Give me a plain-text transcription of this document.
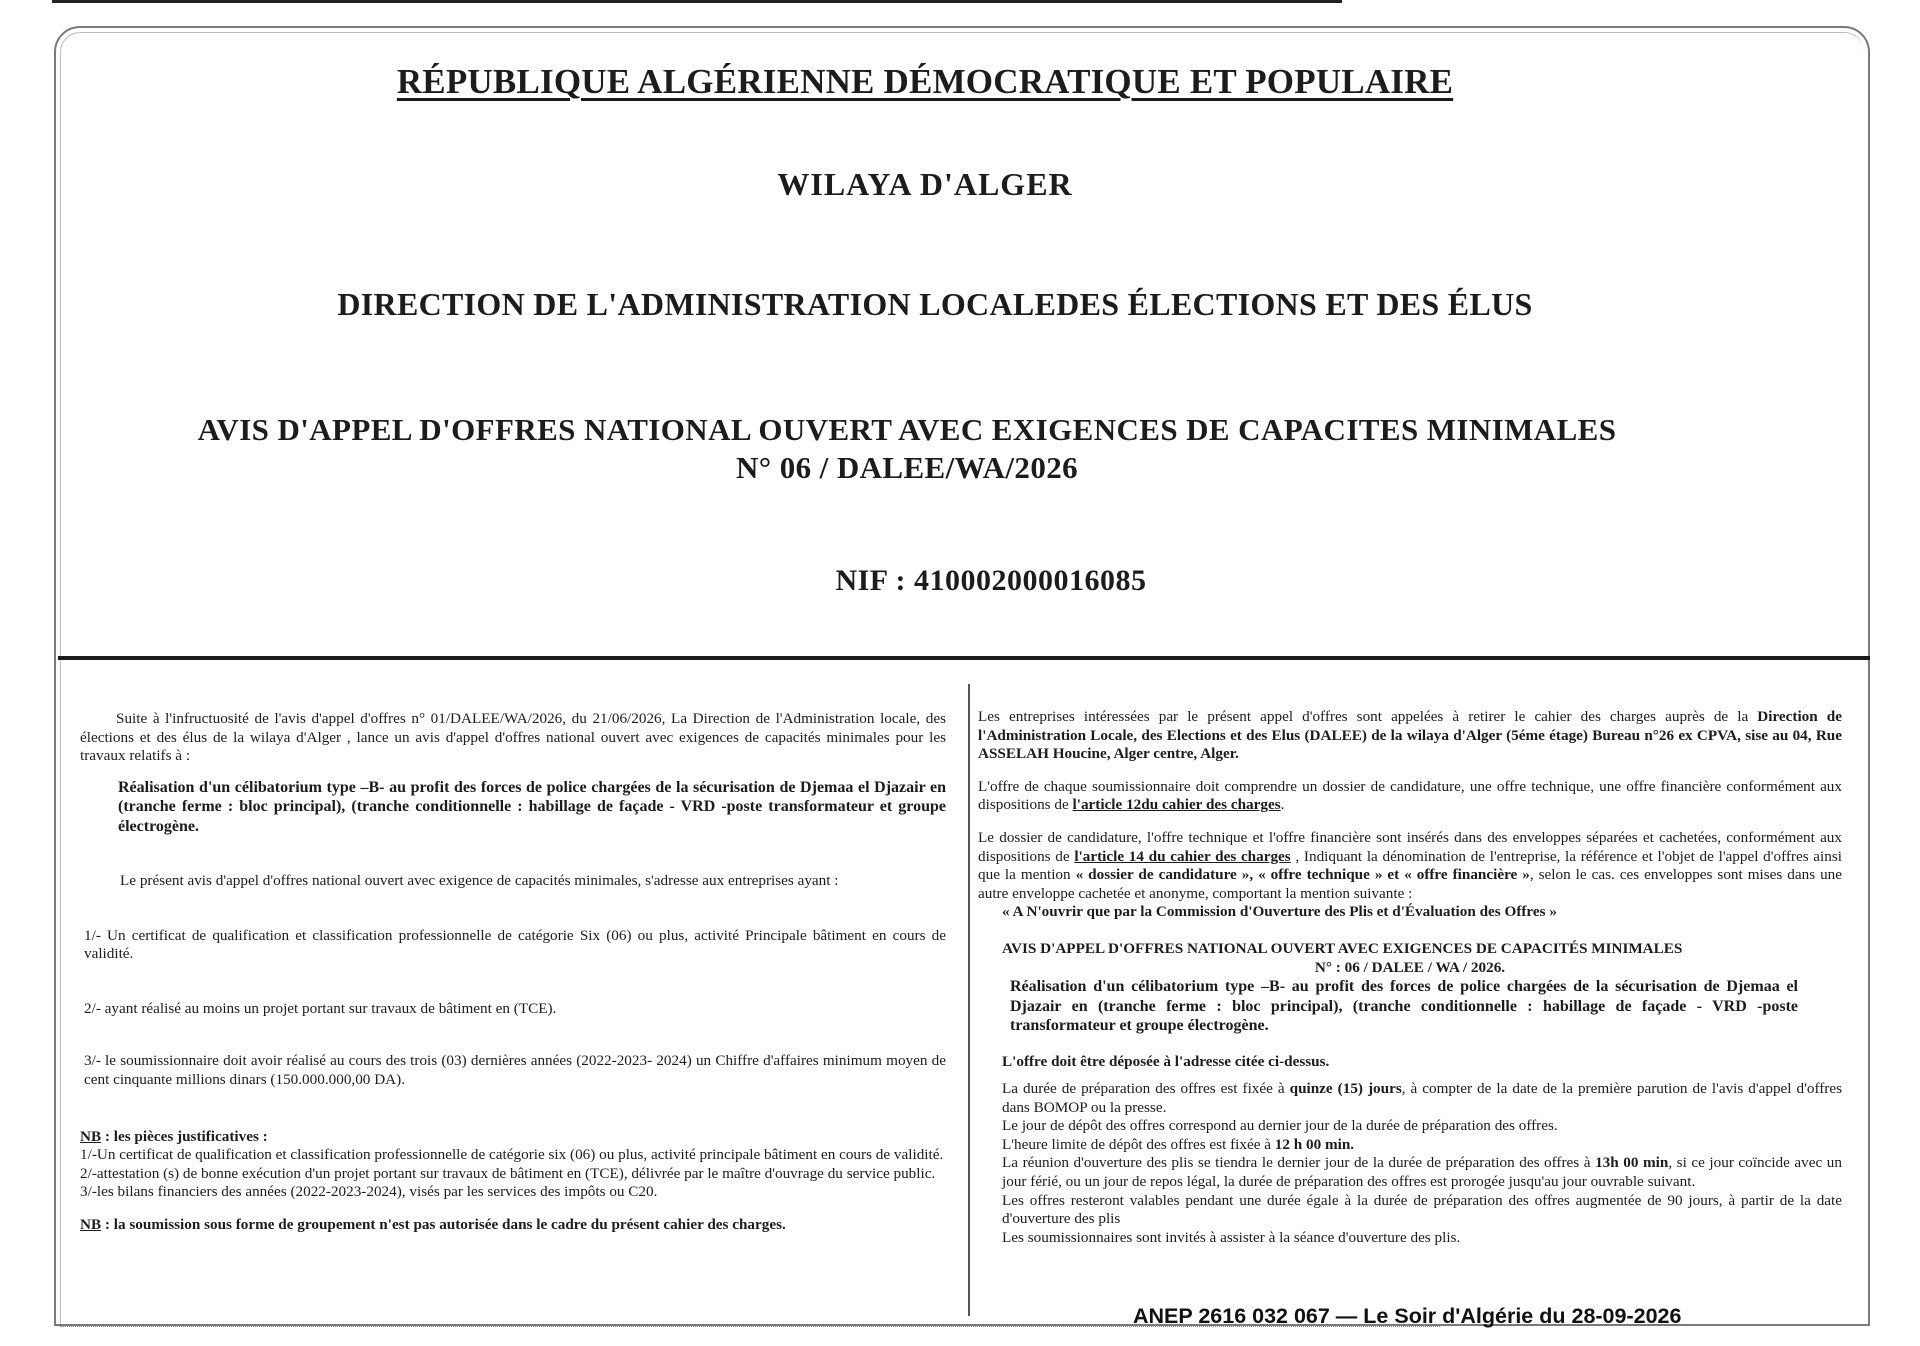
RÉPUBLIQUE ALGÉRIENNE DÉMOCRATIQUE ET POPULAIRE
WILAYA D'ALGER
DIRECTION DE L'ADMINISTRATION LOCALEDES ÉLECTIONS ET DES ÉLUS
AVIS D'APPEL D'OFFRES NATIONAL OUVERT AVEC EXIGENCES DE CAPACITES MINIMALES
N° 06 / DALEE/WA/2026
NIF : 410002000016085

Suite à l'infructuosité de l'avis d'appel d'offres n° 01/DALEE/WA/2026, du 21/06/2026, La Direction de l'Administration locale, des élections et des élus de la wilaya d'Alger , lance un avis d'appel d'offres national ouvert avec exigences de capacités minimales pour les travaux relatifs à :

Réalisation d'un célibatorium type –B- au profit des forces de police chargées de la sécurisation de Djemaa el Djazair en (tranche ferme : bloc principal), (tranche conditionnelle : habillage de façade - VRD -poste transformateur et groupe électrogène.

Le présent avis d'appel d'offres national ouvert avec exigence de capacités minimales, s'adresse aux entreprises ayant :

1/- Un certificat de qualification et classification professionnelle de catégorie Six (06) ou plus, activité Principale bâtiment en cours de validité.

2/- ayant réalisé au moins un projet portant sur travaux de bâtiment en (TCE).

3/- le soumissionnaire doit avoir réalisé au cours des trois (03) dernières années (2022-2023- 2024) un Chiffre d'affaires minimum moyen de cent cinquante millions dinars (150.000.000,00 DA).

NB : les pièces justificatives :

1/-Un certificat de qualification et classification professionnelle de catégorie six (06) ou plus, activité principale bâtiment en cours de validité.

2/-attestation (s) de bonne exécution d'un projet portant sur travaux de bâtiment en (TCE), délivrée par le maître d'ouvrage du service public.

3/-les bilans financiers des années (2022-2023-2024), visés par les services des impôts ou C20.

NB : la soumission sous forme de groupement n'est pas autorisée dans le cadre du présent cahier des charges.

Les entreprises intéressées par le présent appel d'offres sont appelées à retirer le cahier des charges auprès de la Direction de l'Administration Locale, des Elections et des Elus (DALEE) de la wilaya d'Alger (5éme étage) Bureau n°26 ex CPVA, sise au 04, Rue ASSELAH Houcine, Alger centre, Alger.

L'offre de chaque soumissionnaire doit comprendre un dossier de candidature, une offre technique, une offre financière conformément aux dispositions de l'article 12du cahier des charges.

Le dossier de candidature, l'offre technique et l'offre financière sont insérés dans des enveloppes séparées et cachetées, conformément aux dispositions de l'article 14 du cahier des charges , Indiquant la dénomination de l'entreprise, la référence et l'objet de l'appel d'offres ainsi que la mention « dossier de candidature », « offre technique » et « offre financière », selon le cas. ces enveloppes sont mises dans une autre enveloppe cachetée et anonyme, comportant la mention suivante :

« A N'ouvrir que par la Commission d'Ouverture des Plis et d'Évaluation des Offres »

AVIS D'APPEL D'OFFRES NATIONAL OUVERT AVEC EXIGENCES DE CAPACITÉS MINIMALES

N° : 06 / DALEE / WA / 2026.

Réalisation d'un célibatorium type –B- au profit des forces de police chargées de la sécurisation de Djemaa el Djazair en (tranche ferme : bloc principal), (tranche conditionnelle : habillage de façade - VRD -poste transformateur et groupe électrogène.

L'offre doit être déposée à l'adresse citée ci-dessus.

La durée de préparation des offres est fixée à quinze (15) jours, à compter de la date de la première parution de l'avis d'appel d'offres dans BOMOP ou la presse.

Le jour de dépôt des offres correspond au dernier jour de la durée de préparation des offres.

L'heure limite de dépôt des offres est fixée à 12 h 00 min.

La réunion d'ouverture des plis se tiendra le dernier jour de la durée de préparation des offres à 13h 00 min, si ce jour coïncide avec un jour férié, ou un jour de repos légal, la durée de préparation des offres est prorogée jusqu'au jour ouvrable suivant.

Les offres resteront valables pendant une durée égale à la durée de préparation des offres augmentée de 90 jours, à partir de la date d'ouverture des plis

Les soumissionnaires sont invités à assister à la séance d'ouverture des plis.

ANEP 2616 032 067 — Le Soir d'Algérie du 28-09-2026
